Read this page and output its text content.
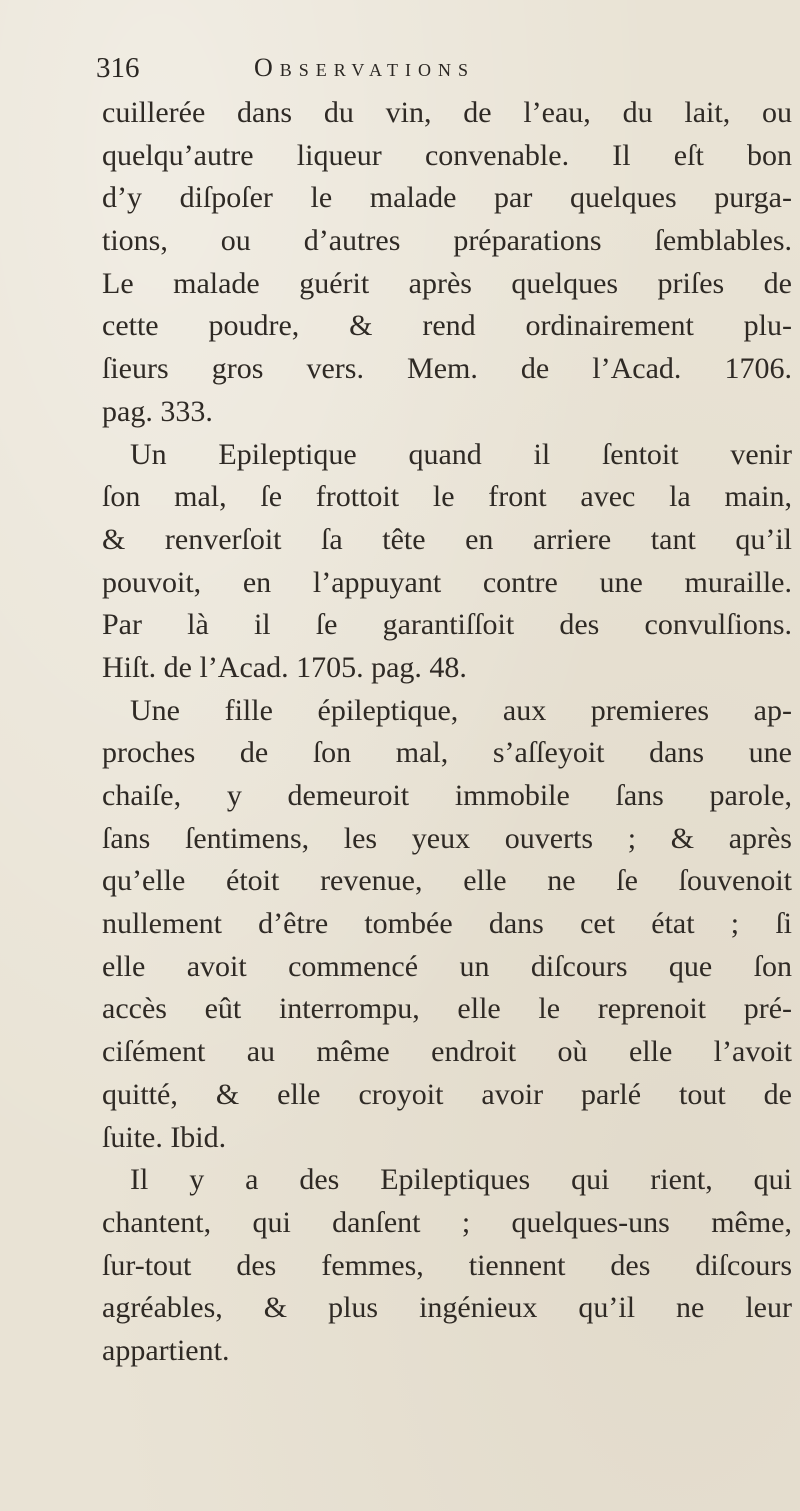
316	Observations
cuillerée dans du vin, de l’eau, du lait, ou
quelqu’autre liqueur convenable. Il eſt bon
d’y diſpoſer le malade par quelques purga-
tions, ou d’autres préparations ſemblables.
Le malade guérit après quelques priſes de
cette poudre, & rend ordinairement plu-
ſieurs gros vers. Mem. de l’Acad. 1706.
pag. 333.
Un Epileptique quand il ſentoit venir
ſon mal, ſe frottoit le front avec la main,
& renverſoit ſa tête en arriere tant qu’il
pouvoit, en l’appuyant contre une muraille.
Par là il ſe garantiſſoit des convulſions.
Hiſt. de l’Acad. 1705. pag. 48.
Une fille épileptique, aux premieres ap-
proches de ſon mal, s’aſſeyoit dans une
chaiſe, y demeuroit immobile ſans parole,
ſans ſentimens, les yeux ouverts ; & après
qu’elle étoit revenue, elle ne ſe ſouvenoit
nullement d’être tombée dans cet état ; ſi
elle avoit commencé un diſcours que ſon
accès eût interrompu, elle le reprenoit pré-
ciſément au même endroit où elle l’avoit
quitté, & elle croyoit avoir parlé tout de
ſuite. Ibid.
Il y a des Epileptiques qui rient, qui
chantent, qui danſent ; quelques-uns même,
ſur-tout des femmes, tiennent des diſcours
agréables, & plus ingénieux qu’il ne leur
appartient.
